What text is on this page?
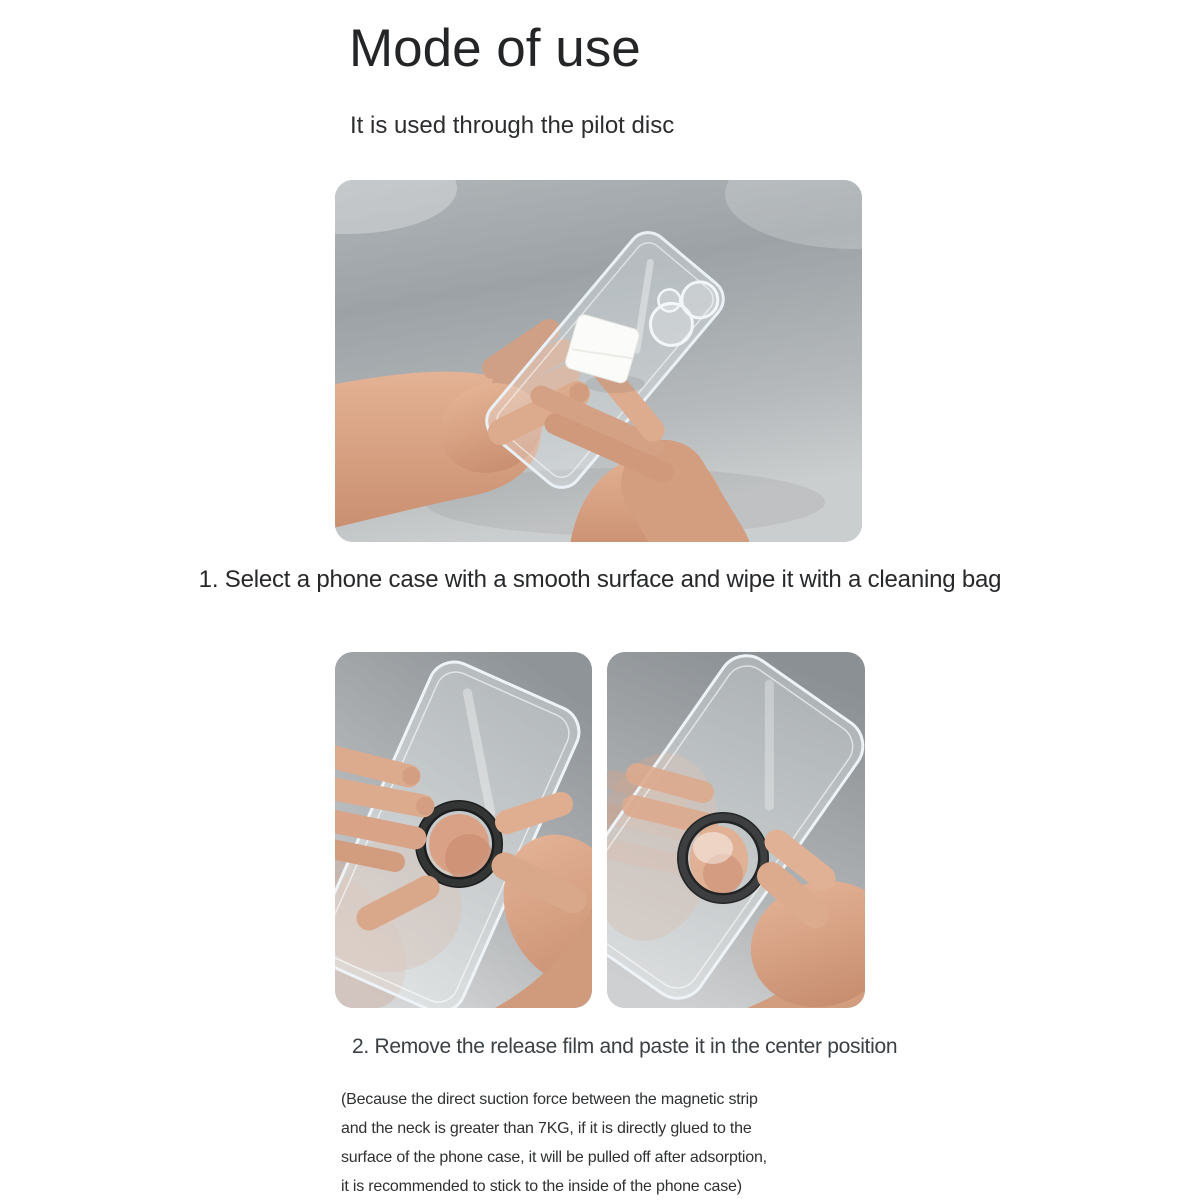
Mode of use

It is used through the pilot disc

1. Select a phone case with a smooth surface and wipe it with a cleaning bag

2. Remove the release film and paste it in the center position

(Because the direct suction force between the magnetic strip

and the neck is greater than 7KG, if it is directly glued to the

surface of the phone case, it will be pulled off after adsorption,

it is recommended to stick to the inside of the phone case)
